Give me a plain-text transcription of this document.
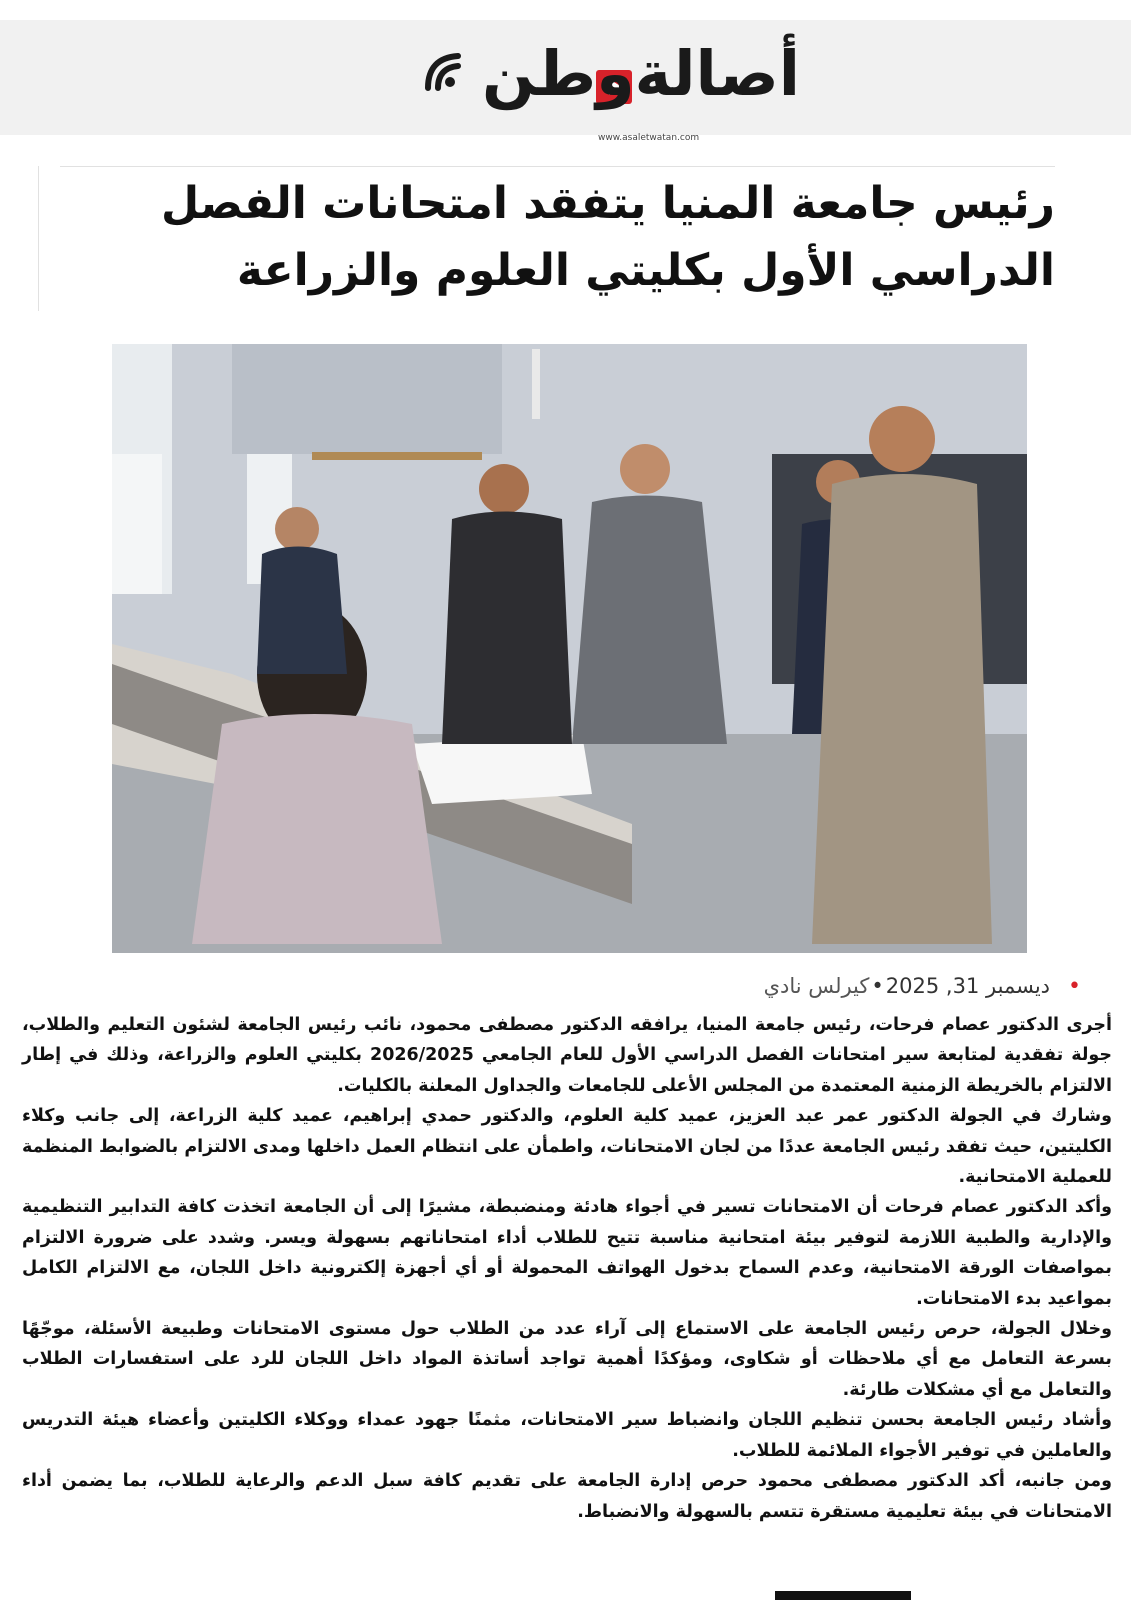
أصالةوطن
www.asaletwatan.com
رئيس جامعة المنيا يتفقد امتحانات الفصل الدراسي الأول بكليتي العلوم والزراعة
•
ديسمبر 31, 2025
•
كيرلس نادي

أجرى الدكتور عصام فرحات، رئيس جامعة المنيا، يرافقه الدكتور مصطفى محمود، نائب رئيس الجامعة لشئون التعليم والطلاب، جولة تفقدية لمتابعة سير امتحانات الفصل الدراسي الأول للعام الجامعي 2026/2025 بكليتي العلوم والزراعة، وذلك في إطار الالتزام بالخريطة الزمنية المعتمدة من المجلس الأعلى للجامعات والجداول المعلنة بالكليات.

وشارك في الجولة الدكتور عمر عبد العزيز، عميد كلية العلوم، والدكتور حمدي إبراهيم، عميد كلية الزراعة، إلى جانب وكلاء الكليتين، حيث تفقد رئيس الجامعة عددًا من لجان الامتحانات، واطمأن على انتظام العمل داخلها ومدى الالتزام بالضوابط المنظمة للعملية الامتحانية.

وأكد الدكتور عصام فرحات أن الامتحانات تسير في أجواء هادئة ومنضبطة، مشيرًا إلى أن الجامعة اتخذت كافة التدابير التنظيمية والإدارية والطبية اللازمة لتوفير بيئة امتحانية مناسبة تتيح للطلاب أداء امتحاناتهم بسهولة ويسر. وشدد على ضرورة الالتزام بمواصفات الورقة الامتحانية، وعدم السماح بدخول الهواتف المحمولة أو أي أجهزة إلكترونية داخل اللجان، مع الالتزام الكامل بمواعيد بدء الامتحانات.

وخلال الجولة، حرص رئيس الجامعة على الاستماع إلى آراء عدد من الطلاب حول مستوى الامتحانات وطبيعة الأسئلة، موجّهًا بسرعة التعامل مع أي ملاحظات أو شكاوى، ومؤكدًا أهمية تواجد أساتذة المواد داخل اللجان للرد على استفسارات الطلاب والتعامل مع أي مشكلات طارئة.

وأشاد رئيس الجامعة بحسن تنظيم اللجان وانضباط سير الامتحانات، مثمنًا جهود عمداء ووكلاء الكليتين وأعضاء هيئة التدريس والعاملين في توفير الأجواء الملائمة للطلاب.

ومن جانبه، أكد الدكتور مصطفى محمود حرص إدارة الجامعة على تقديم كافة سبل الدعم والرعاية للطلاب، بما يضمن أداء الامتحانات في بيئة تعليمية مستقرة تتسم بالسهولة والانضباط.
